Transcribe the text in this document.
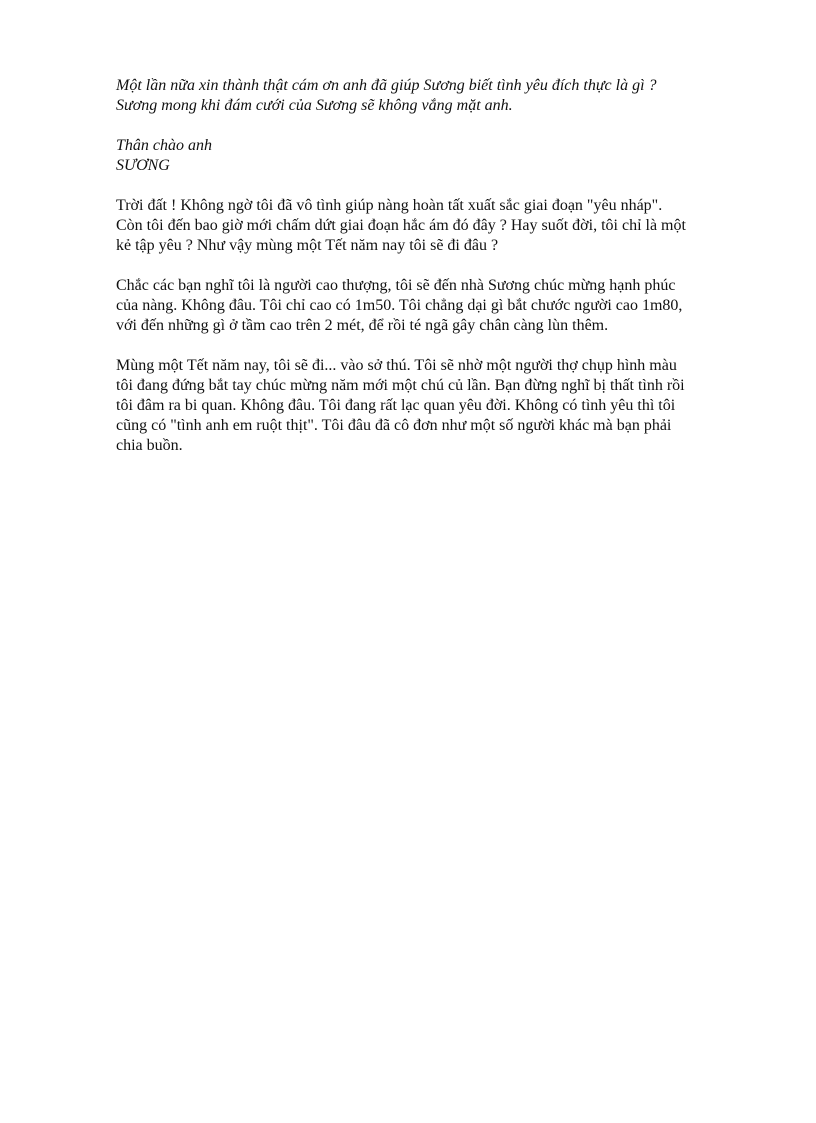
Một lần nữa xin thành thật cám ơn anh đã giúp Sương biết tình yêu đích thực là gì ?
Sương mong khi đám cưới của Sương sẽ không vắng mặt anh.

Thân chào anh
SƯƠNG

Trời đất ! Không ngờ tôi đã vô tình giúp nàng hoàn tất xuất sắc giai đoạn "yêu nháp".
Còn tôi đến bao giờ mới chấm dứt giai đoạn hắc ám đó đây ? Hay suốt đời, tôi chỉ là một
kẻ tập yêu ? Như vậy mùng một Tết năm nay tôi sẽ đi đâu ?

Chắc các bạn nghĩ tôi là người cao thượng, tôi sẽ đến nhà Sương chúc mừng hạnh phúc
của nàng. Không đâu. Tôi chỉ cao có 1m50. Tôi chẳng dại gì bắt chước người cao 1m80,
với đến những gì ở tầm cao trên 2 mét, để rồi té ngã gây chân càng lùn thêm.

Mùng một Tết năm nay, tôi sẽ đi... vào sở thú. Tôi sẽ nhờ một người thợ chụp hình màu
tôi đang đứng bắt tay chúc mừng năm mới một chú củ lần. Bạn đừng nghĩ bị thất tình rồi
tôi đâm ra bi quan. Không đâu. Tôi đang rất lạc quan yêu đời. Không có tình yêu thì tôi
cũng có "tình anh em ruột thịt". Tôi đâu đã cô đơn như một số người khác mà bạn phải
chia buồn.
